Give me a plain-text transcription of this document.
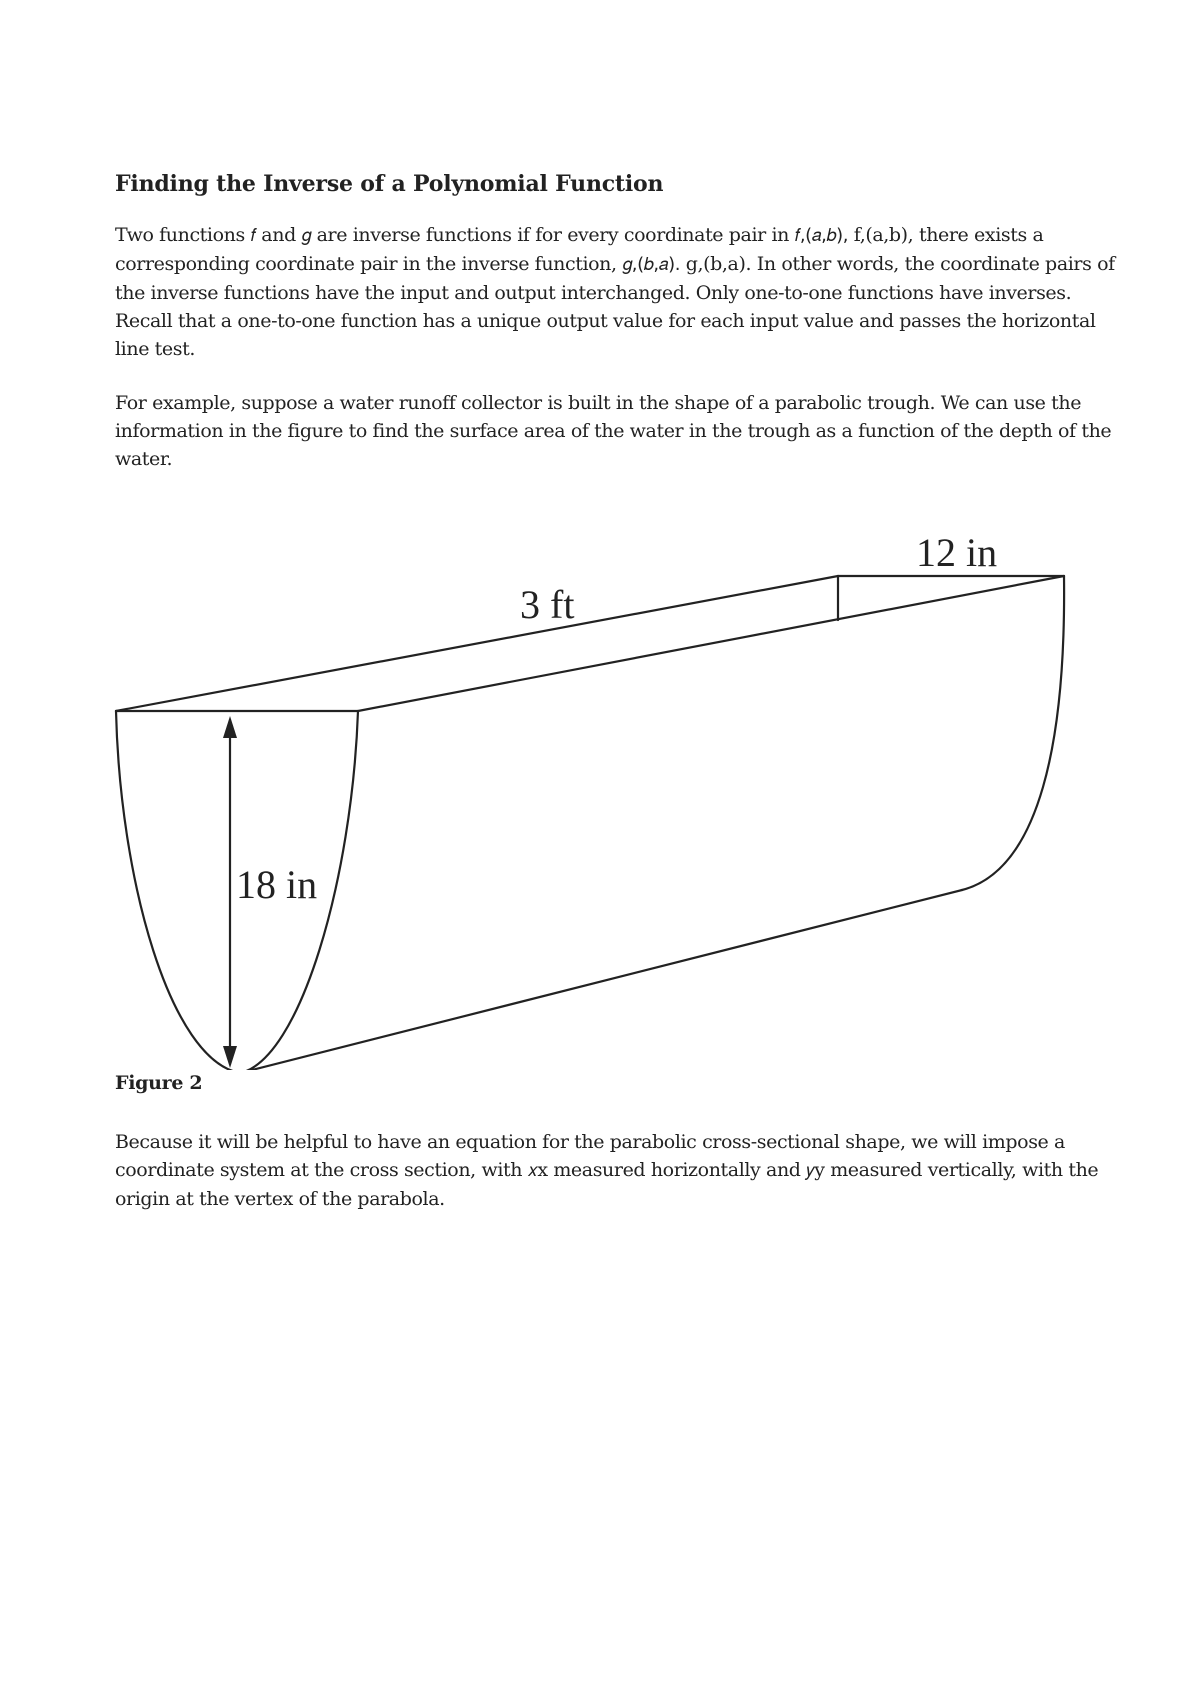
Finding the Inverse of a Polynomial Function

Two functions 𝑓 and 𝑔 are inverse functions if for every coordinate pair in 𝑓,(𝑎,𝑏), f,(a,b), there exists a corresponding coordinate pair in the inverse function, 𝑔,(𝑏,𝑎). g,(b,a). In other words, the coordinate pairs of the inverse functions have the input and output interchanged. Only one-to-one functions have inverses. Recall that a one-to-one function has a unique output value for each input value and passes the horizontal line test.

For example, suppose a water runoff collector is built in the shape of a parabolic trough. We can use the information in the figure to find the surface area of the water in the trough as a function of the depth of the water.

3 ft
12 in
18 in
Figure 2

Because it will be helpful to have an equation for the parabolic cross-sectional shape, we will impose a coordinate system at the cross section, with 𝑥x measured horizontally and 𝑦y measured vertically, with the origin at the vertex of the parabola.
